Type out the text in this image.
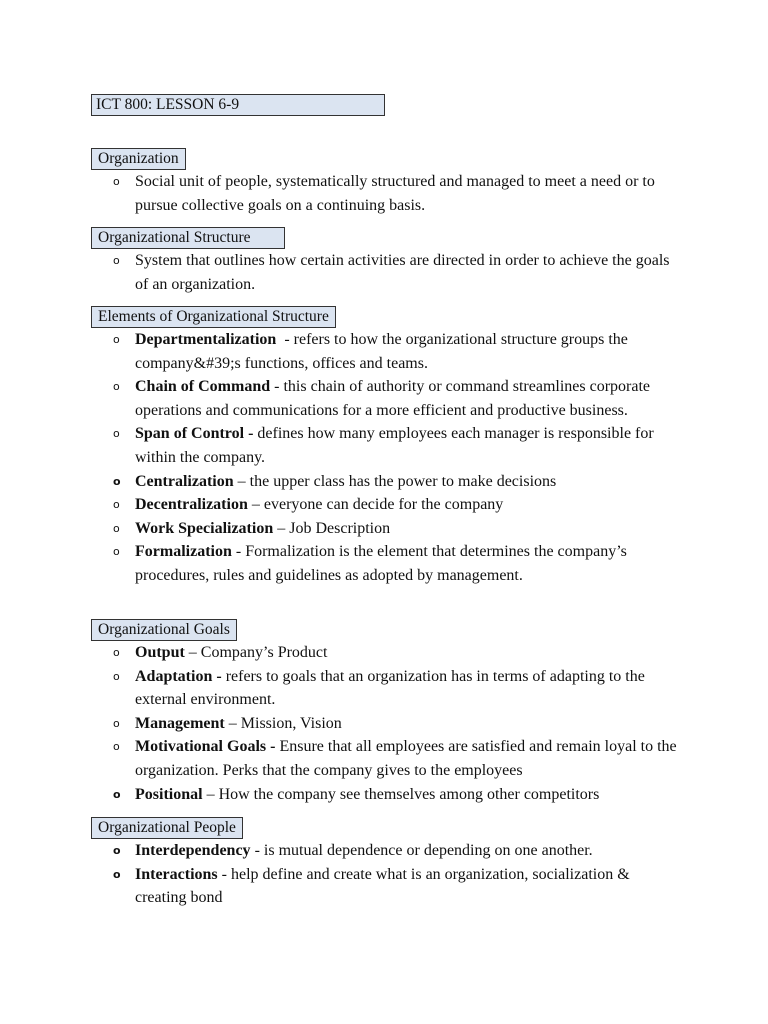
ICT 800: LESSON 6-9
Organization
o Social unit of people, systematically structured and managed to meet a need or to pursue collective goals on a continuing basis.
Organizational Structure
o System that outlines how certain activities are directed in order to achieve the goals of an organization.
Elements of Organizational Structure
o Departmentalization  - refers to how the organizational structure groups the company&#39;s functions, offices and teams.
o Chain of Command - this chain of authority or command streamlines corporate operations and communications for a more efficient and productive business.
o Span of Control - defines how many employees each manager is responsible for within the company.
o Centralization – the upper class has the power to make decisions
o Decentralization – everyone can decide for the company
o Work Specialization – Job Description
o Formalization - Formalization is the element that determines the company’s procedures, rules and guidelines as adopted by management.
Organizational Goals
o Output – Company’s Product
o Adaptation - refers to goals that an organization has in terms of adapting to the external environment.
o Management – Mission, Vision
o Motivational Goals - Ensure that all employees are satisfied and remain loyal to the organization. Perks that the company gives to the employees
o Positional – How the company see themselves among other competitors
Organizational People
o Interdependency - is mutual dependence or depending on one another.
o Interactions - help define and create what is an organization, socialization & creating bond
